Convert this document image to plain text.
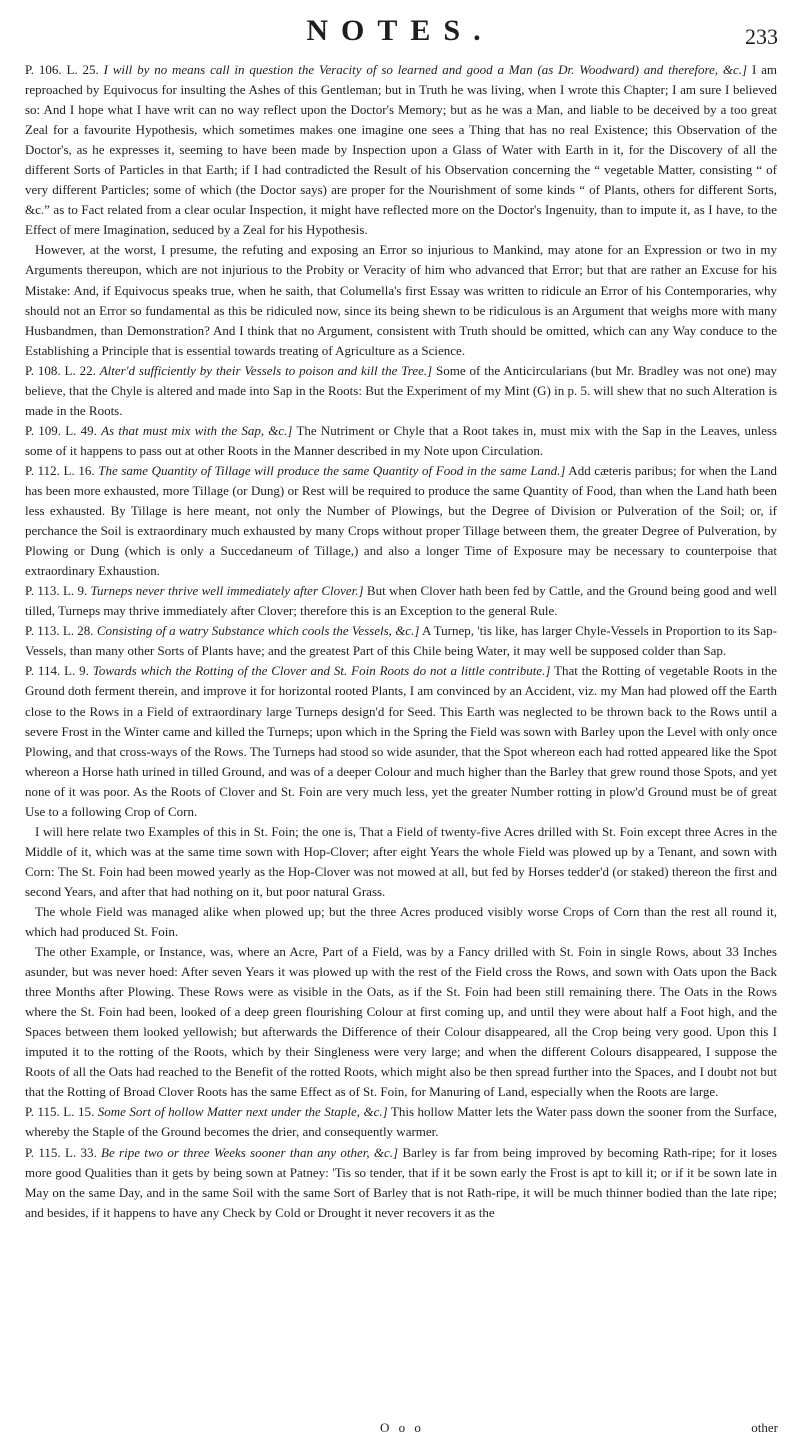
NOTES.	233

P. 106. L. 25. I will by no means call in question the Veracity of so learned and good a Man (as Dr. Woodward) and therefore, &c.] I am reproached by Equivocus for insulting the Ashes of this Gentleman; but in Truth he was living, when I wrote this Chapter; I am sure I believed so: And I hope what I have writ can no way reflect upon the Doctor's Memory; but as he was a Man, and liable to be deceived by a too great Zeal for a favourite Hypothesis, which sometimes makes one imagine one sees a Thing that has no real Existence; this Observation of the Doctor's, as he expresses it, seeming to have been made by Inspection upon a Glass of Water with Earth in it, for the Discovery of all the different Sorts of Particles in that Earth; if I had contradicted the Result of his Observation concerning the “ vegetable Matter, consisting “ of very different Particles; some of which (the Doctor says) are proper for the Nourishment of some kinds “ of Plants, others for different Sorts, &c.” as to Fact related from a clear ocular Inspection, it might have reflected more on the Doctor's Ingenuity, than to impute it, as I have, to the Effect of mere Imagination, seduced by a Zeal for his Hypothesis.

However, at the worst, I presume, the refuting and exposing an Error so injurious to Mankind, may atone for an Expression or two in my Arguments thereupon, which are not injurious to the Probity or Veracity of him who advanced that Error; but that are rather an Excuse for his Mistake: And, if Equivocus speaks true, when he saith, that Columella's first Essay was written to ridicule an Error of his Contemporaries, why should not an Error so fundamental as this be ridiculed now, since its being shewn to be ridiculous is an Argument that weighs more with many Husbandmen, than Demonstration? And I think that no Argument, consistent with Truth should be omitted, which can any Way conduce to the Establishing a Principle that is essential towards treating of Agriculture as a Science.

P. 108. L. 22. Alter'd sufficiently by their Vessels to poison and kill the Tree.] Some of the Anticircularians (but Mr. Bradley was not one) may believe, that the Chyle is altered and made into Sap in the Roots: But the Experiment of my Mint (G) in p. 5. will shew that no such Alteration is made in the Roots.

P. 109. L. 49. As that must mix with the Sap, &c.] The Nutriment or Chyle that a Root takes in, must mix with the Sap in the Leaves, unless some of it happens to pass out at other Roots in the Manner described in my Note upon Circulation.

P. 112. L. 16. The same Quantity of Tillage will produce the same Quantity of Food in the same Land.] Add cæteris paribus; for when the Land has been more exhausted, more Tillage (or Dung) or Rest will be required to produce the same Quantity of Food, than when the Land hath been less exhausted. By Tillage is here meant, not only the Number of Plowings, but the Degree of Division or Pulveration of the Soil; or, if perchance the Soil is extraordinary much exhausted by many Crops without proper Tillage between them, the greater Degree of Pulveration, by Plowing or Dung (which is only a Succedaneum of Tillage,) and also a longer Time of Exposure may be necessary to counterpoise that extraordinary Exhaustion.

P. 113. L. 9. Turneps never thrive well immediately after Clover.] But when Clover hath been fed by Cattle, and the Ground being good and well tilled, Turneps may thrive immediately after Clover; therefore this is an Exception to the general Rule.

P. 113. L. 28. Consisting of a watry Substance which cools the Vessels, &c.] A Turnep, 'tis like, has larger Chyle-Vessels in Proportion to its Sap-Vessels, than many other Sorts of Plants have; and the greatest Part of this Chile being Water, it may well be supposed colder than Sap.

P. 114. L. 9. Towards which the Rotting of the Clover and St. Foin Roots do not a little contribute.] That the Rotting of vegetable Roots in the Ground doth ferment therein, and improve it for horizontal rooted Plants, I am convinced by an Accident, viz. my Man had plowed off the Earth close to the Rows in a Field of extraordinary large Turneps design'd for Seed. This Earth was neglected to be thrown back to the Rows until a severe Frost in the Winter came and killed the Turneps; upon which in the Spring the Field was sown with Barley upon the Level with only once Plowing, and that cross-ways of the Rows. The Turneps had stood so wide asunder, that the Spot whereon each had rotted appeared like the Spot whereon a Horse hath urined in tilled Ground, and was of a deeper Colour and much higher than the Barley that grew round those Spots, and yet none of it was poor. As the Roots of Clover and St. Foin are very much less, yet the greater Number rotting in plow'd Ground must be of great Use to a following Crop of Corn.

I will here relate two Examples of this in St. Foin; the one is, That a Field of twenty-five Acres drilled with St. Foin except three Acres in the Middle of it, which was at the same time sown with Hop-Clover; after eight Years the whole Field was plowed up by a Tenant, and sown with Corn: The St. Foin had been mowed yearly as the Hop-Clover was not mowed at all, but fed by Horses tedder'd (or staked) thereon the first and second Years, and after that had nothing on it, but poor natural Grass.

The whole Field was managed alike when plowed up; but the three Acres produced visibly worse Crops of Corn than the rest all round it, which had produced St. Foin.

The other Example, or Instance, was, where an Acre, Part of a Field, was by a Fancy drilled with St. Foin in single Rows, about 33 Inches asunder, but was never hoed: After seven Years it was plowed up with the rest of the Field cross the Rows, and sown with Oats upon the Back three Months after Plowing. These Rows were as visible in the Oats, as if the St. Foin had been still remaining there. The Oats in the Rows where the St. Foin had been, looked of a deep green flourishing Colour at first coming up, and until they were about half a Foot high, and the Spaces between them looked yellowish; but afterwards the Difference of their Colour disappeared, all the Crop being very good. Upon this I imputed it to the rotting of the Roots, which by their Singleness were very large; and when the different Colours disappeared, I suppose the Roots of all the Oats had reached to the Benefit of the rotted Roots, which might also be then spread further into the Spaces, and I doubt not but that the Rotting of Broad Clover Roots has the same Effect as of St. Foin, for Manuring of Land, especially when the Roots are large.

P. 115. L. 15. Some Sort of hollow Matter next under the Staple, &c.] This hollow Matter lets the Water pass down the sooner from the Surface, whereby the Staple of the Ground becomes the drier, and consequently warmer.

P. 115. L. 33. Be ripe two or three Weeks sooner than any other, &c.] Barley is far from being improved by becoming Rath-ripe; for it loses more good Qualities than it gets by being sown at Patney: 'Tis so tender, that if it be sown early the Frost is apt to kill it; or if it be sown late in May on the same Day, and in the same Soil with the same Sort of Barley that is not Rath-ripe, it will be much thinner bodied than the late ripe; and besides, if it happens to have any Check by Cold or Drought it never recovers it as the

O o o	other
